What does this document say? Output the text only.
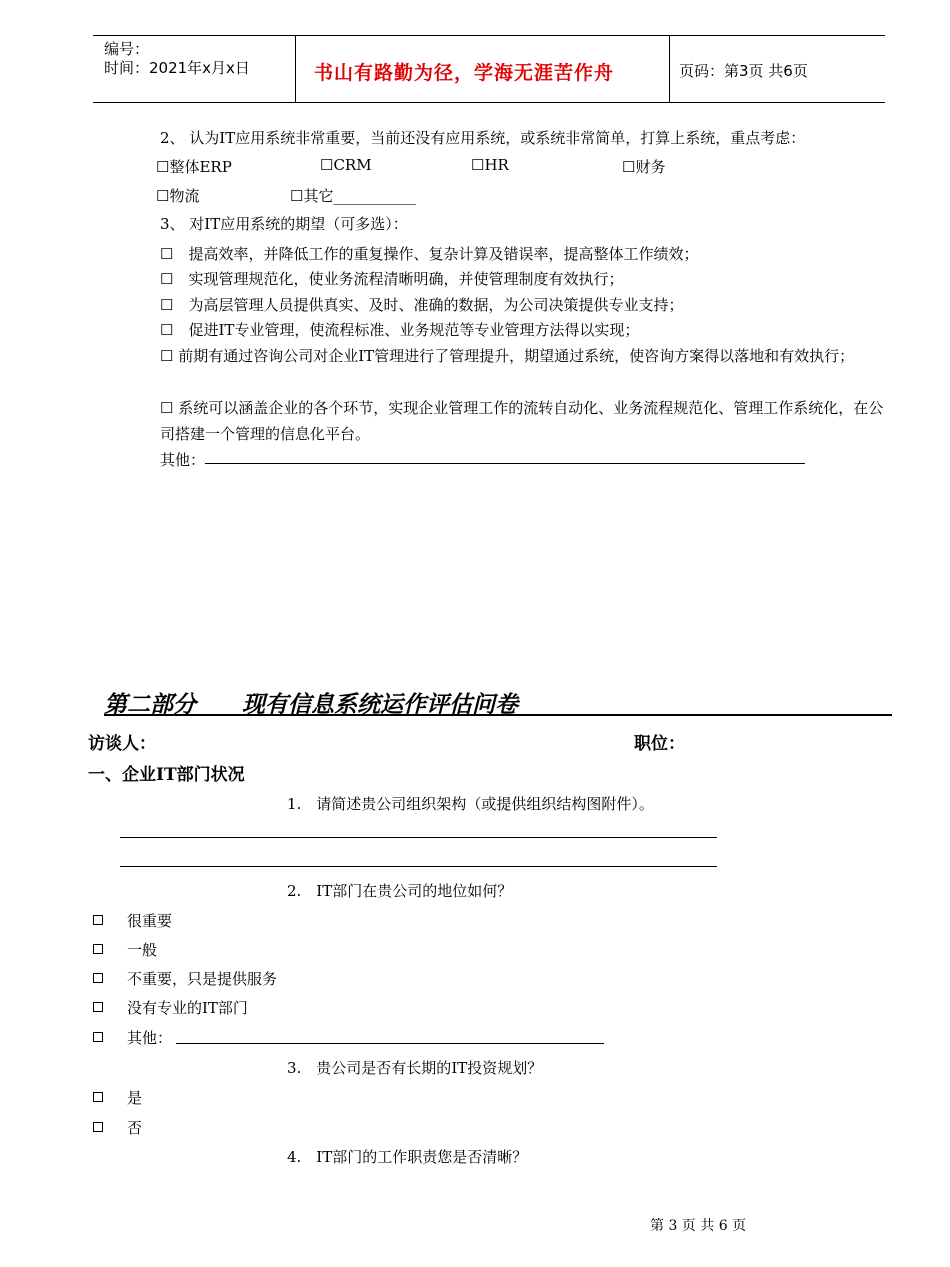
编号：
时间：2021年x月x日	书山有路勤为径，学海无涯苦作舟	页码：第3页 共6页
2、 认为IT应用系统非常重要，当前还没有应用系统，或系统非常简单，打算上系统，重点考虑：
☐整体ERP	☐CRM	☐HR	☐财务
☐物流	☐其它___________
3、 对IT应用系统的期望（可多选）：
☐　提高效率，并降低工作的重复操作、复杂计算及错误率，提高整体工作绩效；
☐　实现管理规范化，使业务流程清晰明确，并使管理制度有效执行；
☐　为高层管理人员提供真实、及时、准确的数据，为公司决策提供专业支持；
☐　促进IT专业管理，使流程标准、业务规范等专业管理方法得以实现；
☐ 前期有通过咨询公司对企业IT管理进行了管理提升，期望通过系统，使咨询方案得以落地和有效执行；
☐ 系统可以涵盖企业的各个环节，实现企业管理工作的流转自动化、业务流程规范化、管理工作系统化，在公司搭建一个管理的信息化平台。
其他：
第二部分　　现有信息系统运作评估问卷
访谈人：	职位：
一、企业IT部门状况
1.　请简述贵公司组织架构（或提供组织结构图附件）。
2.　IT部门在贵公司的地位如何？
很重要
一般
不重要，只是提供服务
没有专业的IT部门
其他：
3.　贵公司是否有长期的IT投资规划？
是
否
4.　IT部门的工作职责您是否清晰？
第 3 页 共 6 页
